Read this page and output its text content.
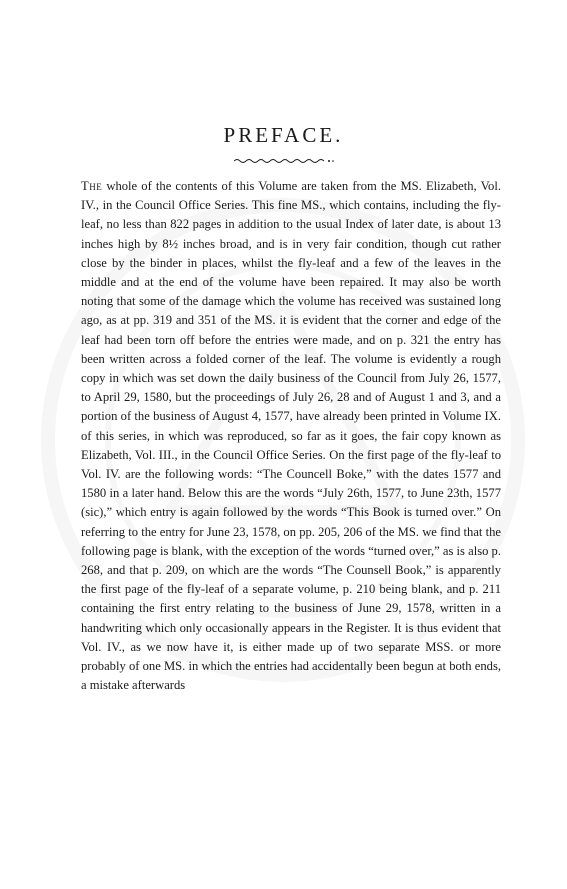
PREFACE.
The whole of the contents of this Volume are taken from the MS. Elizabeth, Vol. IV., in the Council Office Series. This fine MS., which contains, including the fly-leaf, no less than 822 pages in addition to the usual Index of later date, is about 13 inches high by 8½ inches broad, and is in very fair condition, though cut rather close by the binder in places, whilst the fly-leaf and a few of the leaves in the middle and at the end of the volume have been repaired. It may also be worth noting that some of the damage which the volume has received was sustained long ago, as at pp. 319 and 351 of the MS. it is evident that the corner and edge of the leaf had been torn off before the entries were made, and on p. 321 the entry has been written across a folded corner of the leaf. The volume is evidently a rough copy in which was set down the daily business of the Council from July 26, 1577, to April 29, 1580, but the proceedings of July 26, 28 and of August 1 and 3, and a portion of the business of August 4, 1577, have already been printed in Volume IX. of this series, in which was reproduced, so far as it goes, the fair copy known as Elizabeth, Vol. III., in the Council Office Series. On the first page of the fly-leaf to Vol. IV. are the following words: “The Councell Boke,” with the dates 1577 and 1580 in a later hand. Below this are the words “July 26th, 1577, to June 23th, 1577 (sic),” which entry is again followed by the words “This Book is turned over.” On referring to the entry for June 23, 1578, on pp. 205, 206 of the MS. we find that the following page is blank, with the exception of the words “turned over,” as is also p. 268, and that p. 209, on which are the words “The Counsell Book,” is apparently the first page of the fly-leaf of a separate volume, p. 210 being blank, and p. 211 containing the first entry relating to the business of June 29, 1578, written in a handwriting which only occasionally appears in the Register. It is thus evident that Vol. IV., as we now have it, is either made up of two separate MSS. or more probably of one MS. in which the entries had accidentally been begun at both ends, a mistake afterwards
